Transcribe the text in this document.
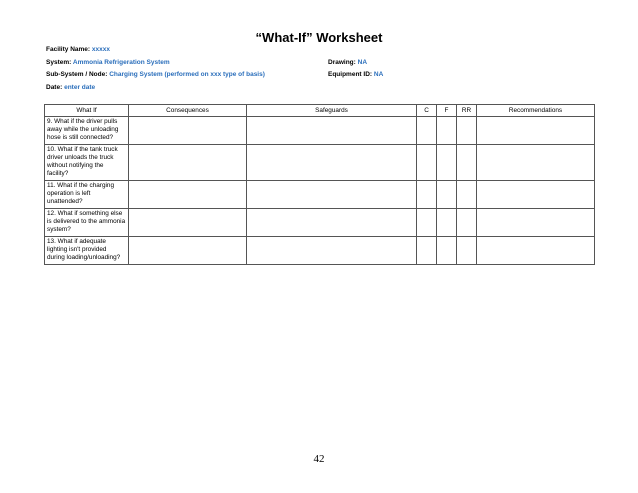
“What-If” Worksheet
Facility Name: xxxxx
System: Ammonia Refrigeration System
Sub-System / Node: Charging System (performed on xxx type of basis)
Date: enter date
Drawing: NA
Equipment ID: NA
What If	Consequences	Safeguards	C	F	RR	Recommendations
9. What if the driver pulls away while the unloading hose is still connected?						
10. What if the tank truck driver unloads the truck without notifying the facility?						
11. What if the charging operation is left unattended?						
12. What if something else is delivered to the ammonia system?						
13. What if adequate lighting isn't provided during loading/unloading?						
42
